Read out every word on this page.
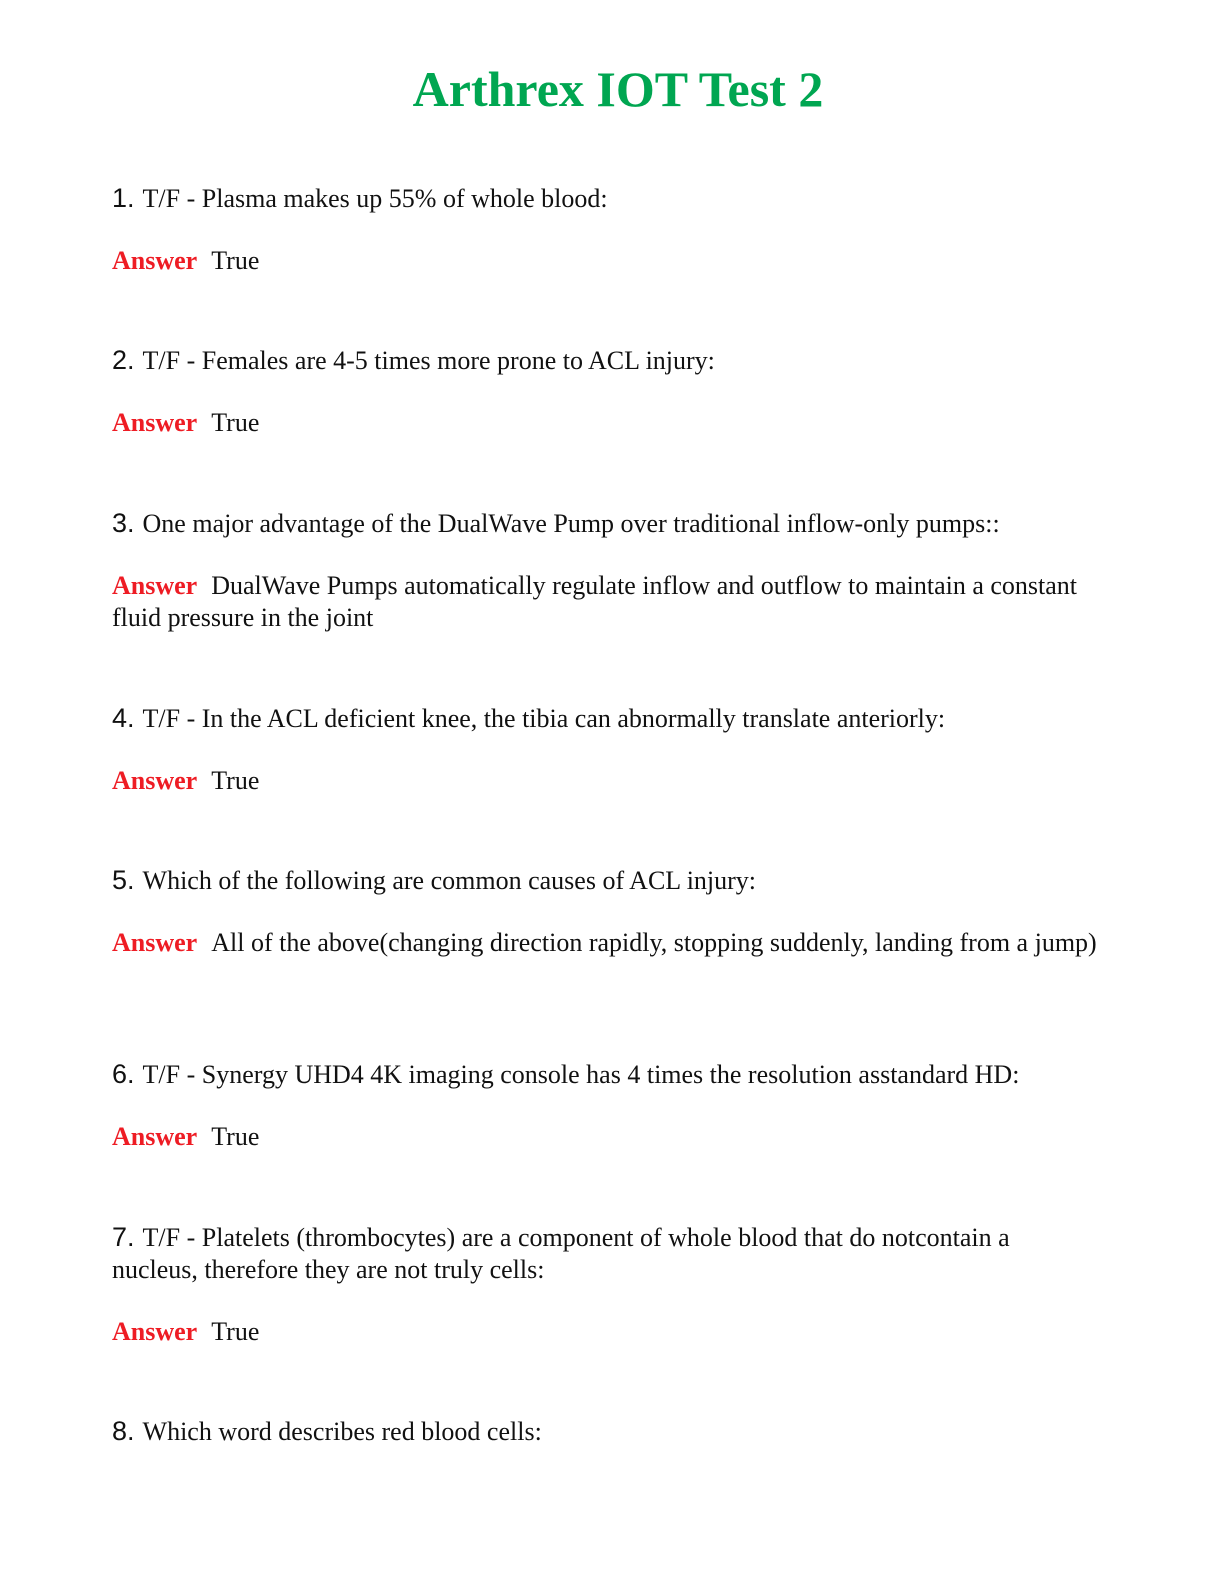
Arthrex IOT Test 2

1. T/F - Plasma makes up 55% of whole blood:

Answer True

2. T/F - Females are 4-5 times more prone to ACL injury:

Answer True

3. One major advantage of the DualWave Pump over traditional inflow-only pumps::

Answer DualWave Pumps automatically regulate inflow and outflow to maintain a constant fluid pressure in the joint

4. T/F - In the ACL deficient knee, the tibia can abnormally translate anteriorly:

Answer True

5. Which of the following are common causes of ACL injury:

Answer All of the above(changing direction rapidly, stopping suddenly, landing from a jump)

6. T/F - Synergy UHD4 4K imaging console has 4 times the resolution asstandard HD:

Answer True

7. T/F - Platelets (thrombocytes) are a component of whole blood that do notcontain a nucleus, therefore they are not truly cells:

Answer True

8. Which word describes red blood cells:
